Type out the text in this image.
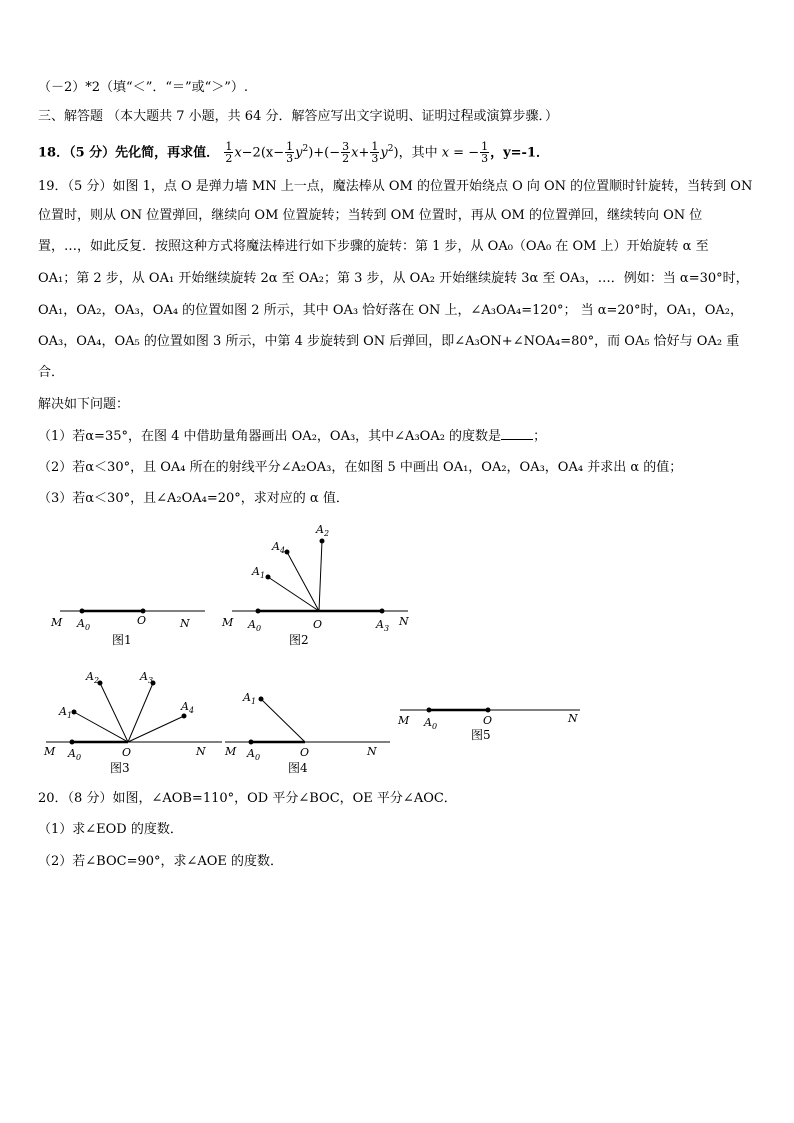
（－2）*2（填“＜”．“＝”或“＞”）.
三、解答题 （本大题共 7 小题，共 64 分．解答应写出文字说明、证明过程或演算步骤．）
18．（5 分）先化简，再求值． $\frac{1}{2} x-2(x- \frac{1}{3} y^2)+(- \frac{3}{2} x+ \frac{1}{3} y^2)$，其中 x = − $\frac{1}{3}$ ，y=-1．
19．（5 分）如图 1，点 O 是弹力墙 MN 上一点，魔法棒从 OM 的位置开始绕点 O 向 ON 的位置顺时针旋转，当转到 ON
位置时，则从 ON 位置弹回，继续向 OM 位置旋转；当转到 OM 位置时，再从 OM 的位置弹回，继续转向 ON 位
置，…，如此反复．按照这种方式将魔法棒进行如下步骤的旋转：第 1 步，从 OA₀（OA₀ 在 OM 上）开始旋转 α 至
OA₁；第 2 步，从 OA₁ 开始继续旋转 2α 至 OA₂；第 3 步，从 OA₂ 开始继续旋转 3α 至 OA₃，…．例如：当 α=30°时，
OA₁，OA₂，OA₃，OA₄ 的位置如图 2 所示，其中 OA₃ 恰好落在 ON 上，∠A₃OA₄=120°； 当 α=20°时，OA₁，OA₂，
OA₃，OA₄，OA₅ 的位置如图 3 所示，中第 4 步旋转到 ON 后弹回，即∠A₃ON+∠NOA₄=80°，而 OA₅ 恰好与 OA₂ 重
合．
解决如下问题：
（1）若α=35°，在图 4 中借助量角器画出 OA₂，OA₃，其中∠A₃OA₂ 的度数是 ；
（2）若α＜30°，且 OA₄ 所在的射线平分∠A₂OA₃，在如图 5 中画出 OA₁，OA₂，OA₃，OA₄ 并求出 α 的值；
（3）若α＜30°，且∠A₂OA₄=20°，求对应的 α 值．
M A 0
O	N	M A 0	O	A 3
N
A 2
A 4
A 1
M A 0	O	N
A 1
A 2	A 3
A 4
M A 0	O	N
A 1
M A 0	O	N
图1	图2
图3	图4
图5
20．（8 分）如图，∠AOB=110°，OD 平分∠BOC，OE 平分∠AOC．
（1）求∠EOD 的度数．
（2）若∠BOC=90°，求∠AOE 的度数．
